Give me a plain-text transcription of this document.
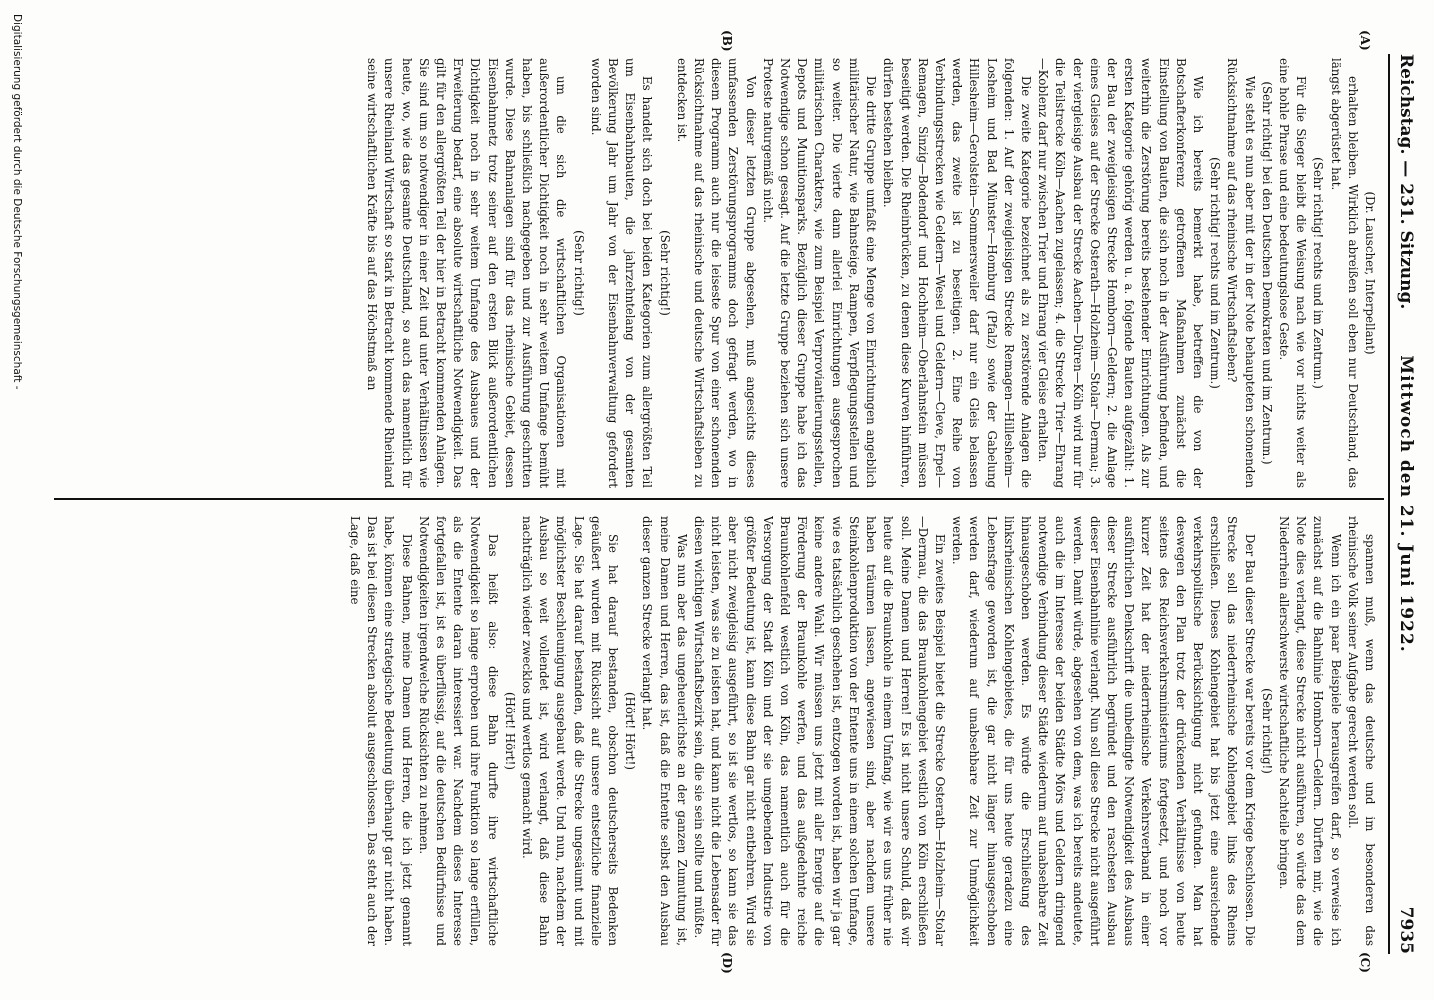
Reichstag. — 231. Sitzung.
Mittwoch den 21. Juni 1922.
7935
(A)
(B)
(C)
(D)

(Dr. Lauscher, Interpellant)

erhalten bleiben. Wirklich abreißen soll eben nur Deutschland, das längst abgerüstet hat.

(Sehr richtig! rechts und im Zentrum.)

Für die Sieger bleibt die Weisung nach wie vor nichts weiter als eine hohle Phrase und eine bedeutungslose Geste.

(Sehr richtig! bei den Deutschen Demokraten und im Zentrum.)

Wie steht es nun aber mit der in der Note behaupteten schonenden Rücksichtnahme auf das rheinische Wirtschaftsleben?

(Sehr richtig! rechts und im Zentrum.)

Wie ich bereits bemerkt habe, betreffen die von der Botschafterkonferenz getroffenen Maßnahmen zunächst die Einstellung von Bauten, die sich noch in der Ausführung befinden, und weiterhin die Zerstörung bereits bestehender Einrichtungen. Als zur ersten Kategorie gehörig werden u. a. folgende Bauten aufgezählt: 1. der Bau der zweigleisigen Strecke Homborn—Geldern; 2. die Anlage eines Gleises auf der Strecke Osterath—Holzheim—Stolar—Dermau; 3. der viergleisige Ausbau der Strecke Aachen—Düren—Köln wird nur für die Teilstrecke Köln—Aachen zugelassen; 4. die Strecke Trier—Ehrang—Koblenz darf nur zwischen Trier und Ehrang vier Gleise erhalten.

Die zweite Kategorie bezeichnet als zu zerstörende Anlagen die folgenden: 1. Auf der zweigleisigen Strecke Remagen—Hillesheim—Losheim und Bad Münster—Homburg (Pfalz) sowie der Gabelung Hillesheim—Gerolstein—Sommersweiler darf nur ein Gleis belassen werden, das zweite ist zu beseitigen. 2. Eine Reihe von Verbindungsstrecken wie Geldern—Wesel und Geldern—Cleve, Erpel—Remagen, Sinzig—Bodendorf und Hochheim—Oberlahnstein müssen beseitigt werden. Die Rheinbrücken, zu denen diese Kurven hinführen, dürfen bestehen bleiben.

Die dritte Gruppe umfaßt eine Menge von Einrichtungen angeblich militärischer Natur, wie Bahnsteige, Rampen, Verpflegungsstellen und so weiter. Die vierte dann allerlei Einrichtungen ausgesprochen militärischen Charakters, wie zum Beispiel Verproviantierungsstellen, Depots und Munitionsparks. Bezüglich dieser Gruppe habe ich das Notwendige schon gesagt. Auf die letzte Gruppe beziehen sich unsere Proteste naturgemäß nicht.

Von dieser letzten Gruppe abgesehen, muß angesichts dieses umfassenden Zerstörungsprogramms doch gefragt werden, wo in diesem Programm auch nur die leiseste Spur von einer schonenden Rücksichtnahme auf das rheinische und deutsche Wirtschaftsleben zu entdecken ist.

(Sehr richtig!)

Es handelt sich doch bei beiden Kategorien zum allergrößten Teil um Eisenbahnbauten, die jahrzehntelang von der gesamten Bevölkerung Jahr um Jahr von der Eisenbahnverwaltung gefordert worden sind.

(Sehr richtig!)

um die sich die wirtschaftlichen Organisationen mit außerordentlicher Dichtigkeit noch in sehr weitem Umfange bemüht haben, bis schließlich nachgegeben und zur Ausführung geschritten wurde. Diese Bahnanlagen sind für das rheinische Gebiet, dessen Eisenbahnnetz trotz seiner auf den ersten Blick außerordentlichen Dichtigkeit noch in sehr weitem Umfange des Ausbaues und der Erweiterung bedarf, eine absolute wirtschaftliche Notwendigkeit. Das gilt für den allergrößten Teil der hier in Betracht kommenden Anlagen. Sie sind um so notwendiger in einer Zeit und unter Verhältnissen wie heute, wo, wie das gesamte Deutschland, so auch das namentlich für unsere Rheinland Wirtschaft so stark in Betracht kommende Rheinland seine wirtschaftlichen Kräfte bis auf das Höchstmaß an

spannen muß, wenn das deutsche und im besonderen das rheinische Volk seiner Aufgabe gerecht werden soll.

Wenn ich ein paar Beispiele herausgreifen darf, so verweise ich zunächst auf die Bahnlinie Homborn—Geldern. Dürften mir, wie die Note dies verlangt, diese Strecke nicht ausführen, so würde das dem Niederrhein allerschwerste wirtschaftliche Nachteile bringen.

(Sehr richtig!)

Der Bau dieser Strecke war bereits vor dem Kriege beschlossen. Die Strecke soll das niederrheinische Kohlengebiet links des Rheins erschließen. Dieses Kohlengebiet hat bis jetzt eine ausreichende verkehrspolitische Berücksichtigung nicht gefunden. Man hat deswegen den Plan trotz der drückenden Verhältnisse von heute seitens des Reichsverkehrsministeriums fortgesetzt, und noch vor kurzer Zeit hat der niederrheinische Verkehrsverband in einer ausführlichen Denkschrift die unbedingte Notwendigkeit des Ausbaus dieser Strecke ausführlich begründet und den raschesten Ausbau dieser Eisenbahnlinie verlangt. Nun soll diese Strecke nicht ausgeführt werden. Damit würde, abgesehen von dem, was ich bereits andeutete, auch die im Interesse der beiden Städte Mörs und Geldern dringend notwendige Verbindung dieser Städte wiederum auf unabsehbare Zeit hinausgeschoben werden. Es würde die Erschließung des linksrheinischen Kohlengebietes, die für uns heute geradezu eine Lebensfrage geworden ist, die gar nicht länger hinausgeschoben werden darf, wiederum auf unabsehbare Zeit zur Unmöglichkeit werden.

Ein zweites Beispiel bietet die Strecke Osterath—Holzheim—Stolar—Dermau, die das Braunkohlengebiet westlich von Köln erschließen soll. Meine Damen und Herren! Es ist nicht unsere Schuld, daß wir heute auf die Braunkohle in einem Umfang, wie wir es uns früher nie haben träumen lassen, angewiesen sind, aber nachdem unsere Steinkohlenproduktion von der Entente uns in einem solchen Umfange, wie es tatsächlich geschehen ist, entzogen worden ist, haben wir ja gar keine andere Wahl. Wir müssen uns jetzt mit aller Energie auf die Förderung der Braunkohle werfen, und das außgedehnte reiche Braunkohlenfeld westlich von Köln, das namentlich auch für die Versorgung der Stadt Köln und der sie umgebenden Industrie von größter Bedeutung ist, kann diese Bahn gar nicht entbehren. Wird sie aber nicht zweigleisig ausgeführt, so ist sie wertlos, so kann sie das nicht leisten, was sie zu leisten hat, und kann nicht die Lebensader für diesen wichtigen Wirtschaftsbezirk sein, die sie sein sollte und müßte.

Was nun aber das ungeheuerlichste an der ganzen Zumutung ist, meine Damen und Herren, das ist, daß die Entente selbst den Ausbau dieser ganzen Strecke verlangt hat.

(Hört! Hört!)

Sie hat darauf bestanden, obschon deutscherseits Bedenken geäußert wurden mit Rücksicht auf unsere entsetzliche finanzielle Lage. Sie hat darauf bestanden, daß die Strecke ungesäumt und mit möglichster Beschleunigung ausgebaut werde. Und nun, nachdem der Ausbau so weit vollendet ist, wird verlangt, daß diese Bahn nachträglich wieder zwecklos und wertlos gemacht wird.

(Hört! Hört!)

Das heißt also: diese Bahn durfte ihre wirtschaftliche Notwendigkeit so lange erproben und ihre Funktion so lange erfüllen, als die Entente daran interessiert war. Nachdem dieses Interesse fortgefallen ist, ist es überflüssig, auf die deutschen Bedürfnisse und Notwendigkeiten irgendwelche Rücksichten zu nehmen.

Diese Bahnen, meine Damen und Herren, die ich jetzt genannt habe, können eine strategische Bedeutung überhaupt gar nicht haben. Das ist bei diesen Strecken absolut ausgeschlossen. Das steht auch der Lage, daß eine

Digitalisierung gefördert durch die Deutsche Forschungsgemeinschaft -
